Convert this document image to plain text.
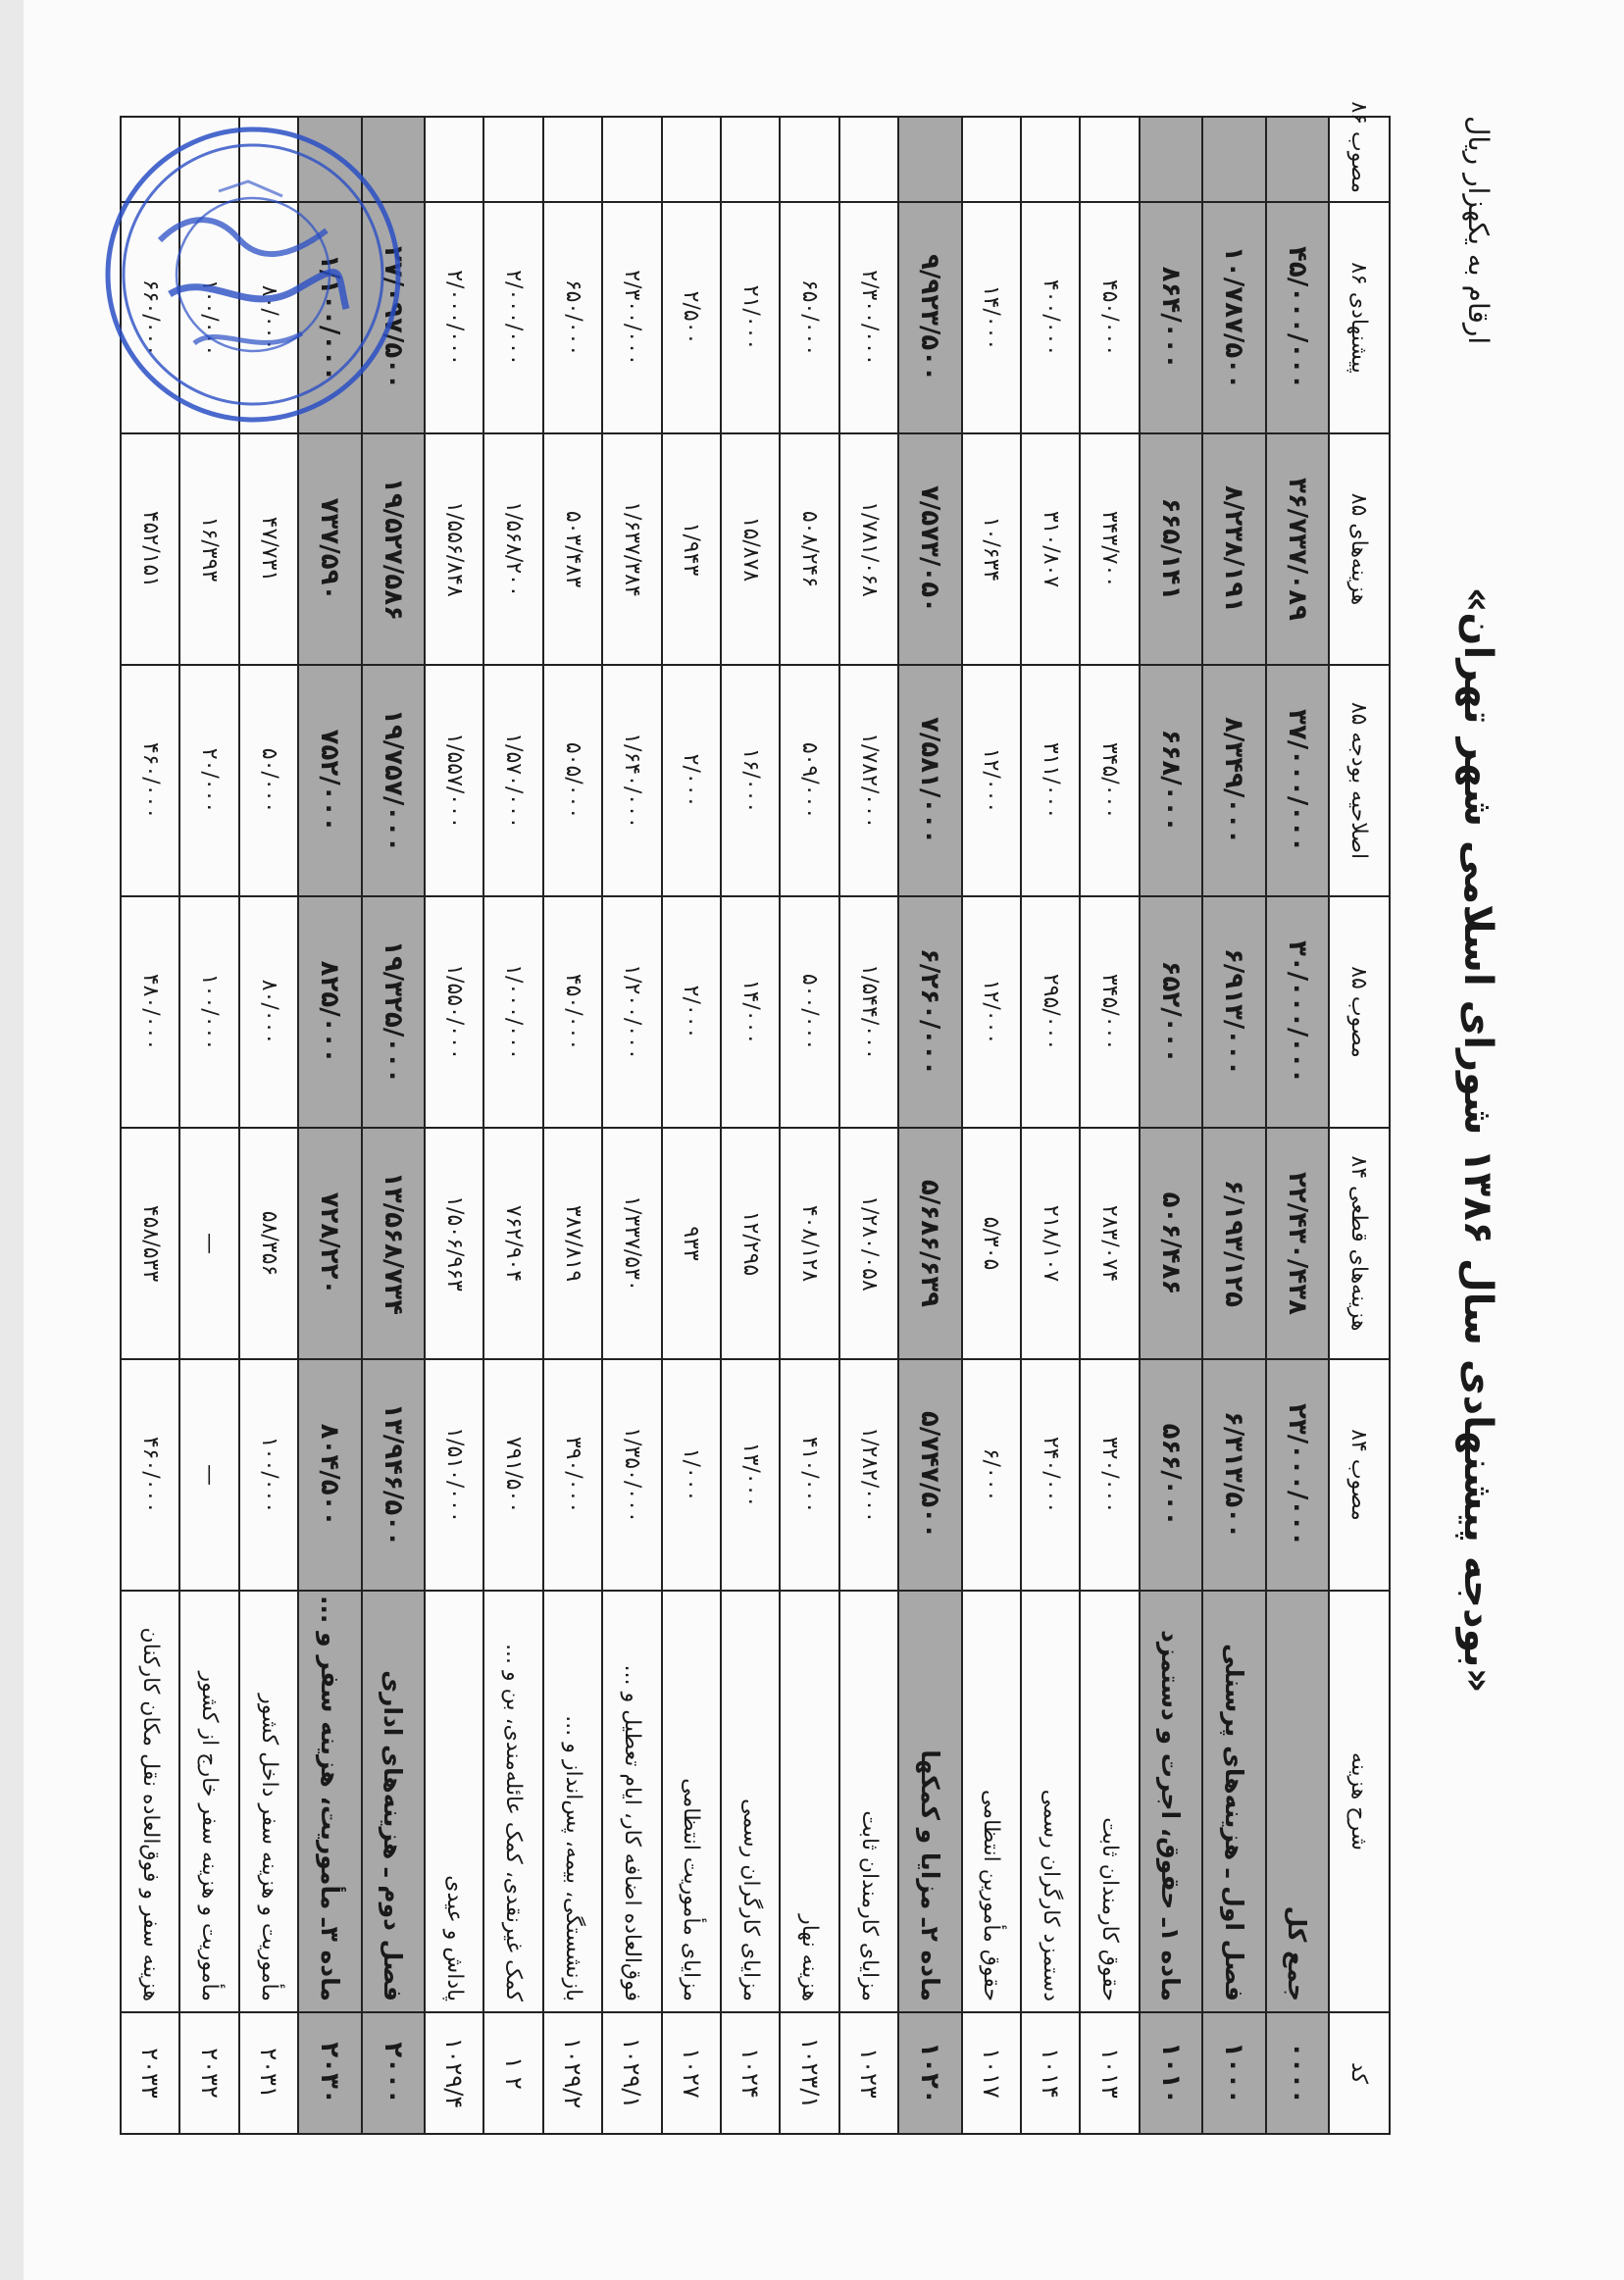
«بودجه پیشنهادی سال ۱۳۸۶ شورای اسلامی شهر تهران»
ارقام به یکهزار ریال
کد	شرح هزینه	مصوب ۸۴	هزینه‌های قطعی ۸۴	مصوب ۸۵	اصلاحیه بودجه ۸۵	هزینه‌های ۸۵	پیشنهادی ۸۶	مصوب ۸۶
۰۰۰۰	جمع کل	۲۳/۰۰۰/۰۰۰	۲۲/۴۳۰/۴۳۸	۳۰/۰۰۰/۰۰۰	۳۷/۰۰۰/۰۰۰	۳۶/۷۳۷/۰۸۹	۴۵/۰۰۰/۰۰۰	
۱۰۰۰	فصل اول ـ هزینه‌های پرسنلی	۶/۳۱۳/۵۰۰	۶/۱۹۳/۱۲۵	۶/۹۱۳/۰۰۰	۸/۳۴۹/۰۰۰	۸/۲۳۸/۱۹۱	۱۰/۷۸۷/۵۰۰	
۱۰۱۰	ماده ۱ـ حقوق، اجرت و دستمزد	۵۶۶/۰۰۰	۵۰۶/۴۸۶	۶۵۲/۰۰۰	۶۶۸/۰۰۰	۶۶۵/۱۴۱	۸۶۴/۰۰۰	
۱۰۱۳	حقوق کارمندان ثابت	۳۲۰/۰۰۰	۲۸۳/۰۷۴	۳۴۵/۰۰۰	۳۴۵/۰۰۰	۳۴۳/۷۰۰	۴۵۰/۰۰۰	
۱۰۱۴	دستمزد کارگران رسمی	۲۴۰/۰۰۰	۲۱۸/۱۰۷	۲۹۵/۰۰۰	۳۱۱/۰۰۰	۳۱۰/۸۰۷	۴۰۰/۰۰۰	
۱۰۱۷	حقوق مأمورین انتظامی	۶/۰۰۰	۵/۳۰۵	۱۲/۰۰۰	۱۲/۰۰۰	۱۰/۶۳۴	۱۴/۰۰۰	
۱۰۲۰	ماده ۲ـ مزایا و کمکها	۵/۷۴۷/۵۰۰	۵/۶۸۶/۶۳۹	۶/۲۶۰/۰۰۰	۷/۵۸۱/۰۰۰	۷/۵۷۳/۰۵۰	۹/۹۲۳/۵۰۰	
۱۰۲۳	مزایای کارمندان ثابت	۱/۲۸۲/۰۰۰	۱/۲۸۰/۰۵۸	۱/۵۴۴/۰۰۰	۱/۷۸۲/۰۰۰	۱/۷۸۱/۰۶۸	۲/۳۰۰/۰۰۰	
۱۰۲۳/۱	هزینه نهار	۴۱۰/۰۰۰	۴۰۸/۱۲۸	۵۰۰/۰۰۰	۵۰۹/۰۰۰	۵۰۸/۲۴۶	۶۵۰/۰۰۰	
۱۰۲۴	مزایای کارگران رسمی	۱۳/۰۰۰	۱۲/۲۹۵	۱۴/۰۰۰	۱۶/۰۰۰	۱۵/۸۷۸	۲۱/۰۰۰	
۱۰۲۷	مزایای مأموریت انتظامی	۱/۰۰۰	۹۳۳	۲/۰۰۰	۲/۰۰۰	۱/۹۴۳	۲/۵۰۰	
۱۰۲۹/۱	فوق‌العاده اضافه کار، ایام تعطیل و ...	۱/۳۵۰/۰۰۰	۱/۳۳۷/۵۳۰	۱/۲۰۰/۰۰۰	۱/۶۴۰/۰۰۰	۱/۶۳۷/۳۸۴	۲/۳۰۰/۰۰۰	
۱۰۲۹/۲	بازنشستگی، بیمه، پس‌انداز و ...	۳۹۰/۰۰۰	۳۸۷/۸۱۹	۴۵۰/۰۰۰	۵۰۵/۰۰۰	۵۰۳/۴۸۳	۶۵۰/۰۰۰	
۲ ۱	کمک غیرنقدی، کمک عائله‌مندی، بن و ...	۷۹۱/۵۰۰	۷۶۲/۹۰۴	۱/۰۰۰/۰۰۰	۱/۵۷۰/۰۰۰	۱/۵۶۸/۲۰۰	۲/۰۰۰/۰۰۰	
۱۰۲۹/۴	پاداش و عیدی	۱/۵۱۰/۰۰۰	۱/۵۰۶/۹۶۳	۱/۵۵۰/۰۰۰	۱/۵۵۷/۰۰۰	۱/۵۵۶/۸۴۸	۲/۰۰۰/۰۰۰	
۲۰۰۰	فصل دوم ـ هزینه‌های اداری	۱۳/۹۴۶/۵۰۰	۱۳/۵۶۸/۷۳۴	۱۹/۳۲۵/۰۰۰	۱۹/۷۵۷/۰۰۰	۱۹/۵۲۷/۵۸۶	۲۷/۰۹۷/۵۰۰	
۲۰۳۰	ماده ۳ـ مأموریت، هزینه سفر و ...	۸۰۴/۵۰۰	۷۲۸/۲۲۰	۸۲۵/۰۰۰	۷۵۲/۰۰۰	۷۳۷/۵۹۰	۱/۱۰۰/۰۰۰	
۲۰۳۱	مأموریت و هزینه سفر داخل کشور	۱۰۰/۰۰۰	۵۸/۳۵۶	۸۰/۰۰۰	۵۰/۰۰۰	۴۷/۷۳۱	۸۰/۰۰۰	
۲۰۳۲	مأموریت و هزینه سفر خارج از کشور	—	—	۱۰۰/۰۰۰	۲۰/۰۰۰	۱۶/۳۹۳	۱۰۰/۰۰۰	
۲۰۳۳	هزینه سفر و فوق‌العاده نقل مکان کارکنان	۴۶۰/۰۰۰	۴۵۸/۵۳۳	۴۸۰/۰۰۰	۴۶۰/۰۰۰	۴۵۲/۱۵۱	۶۶۰/۰۰۰	
